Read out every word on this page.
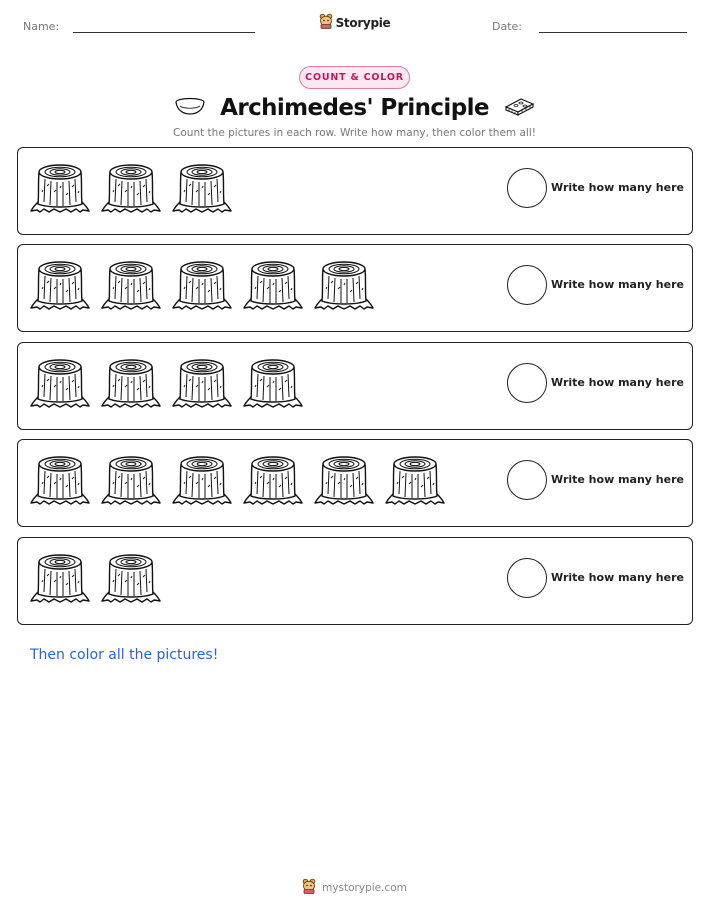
Name:	Storypie	Date:
COUNT & COLOR
Archimedes' Principle
Count the pictures in each row. Write how many, then color them all!
Write how many here
Write how many here
Write how many here
Write how many here
Write how many here
Then color all the pictures!
mystorypie.com
